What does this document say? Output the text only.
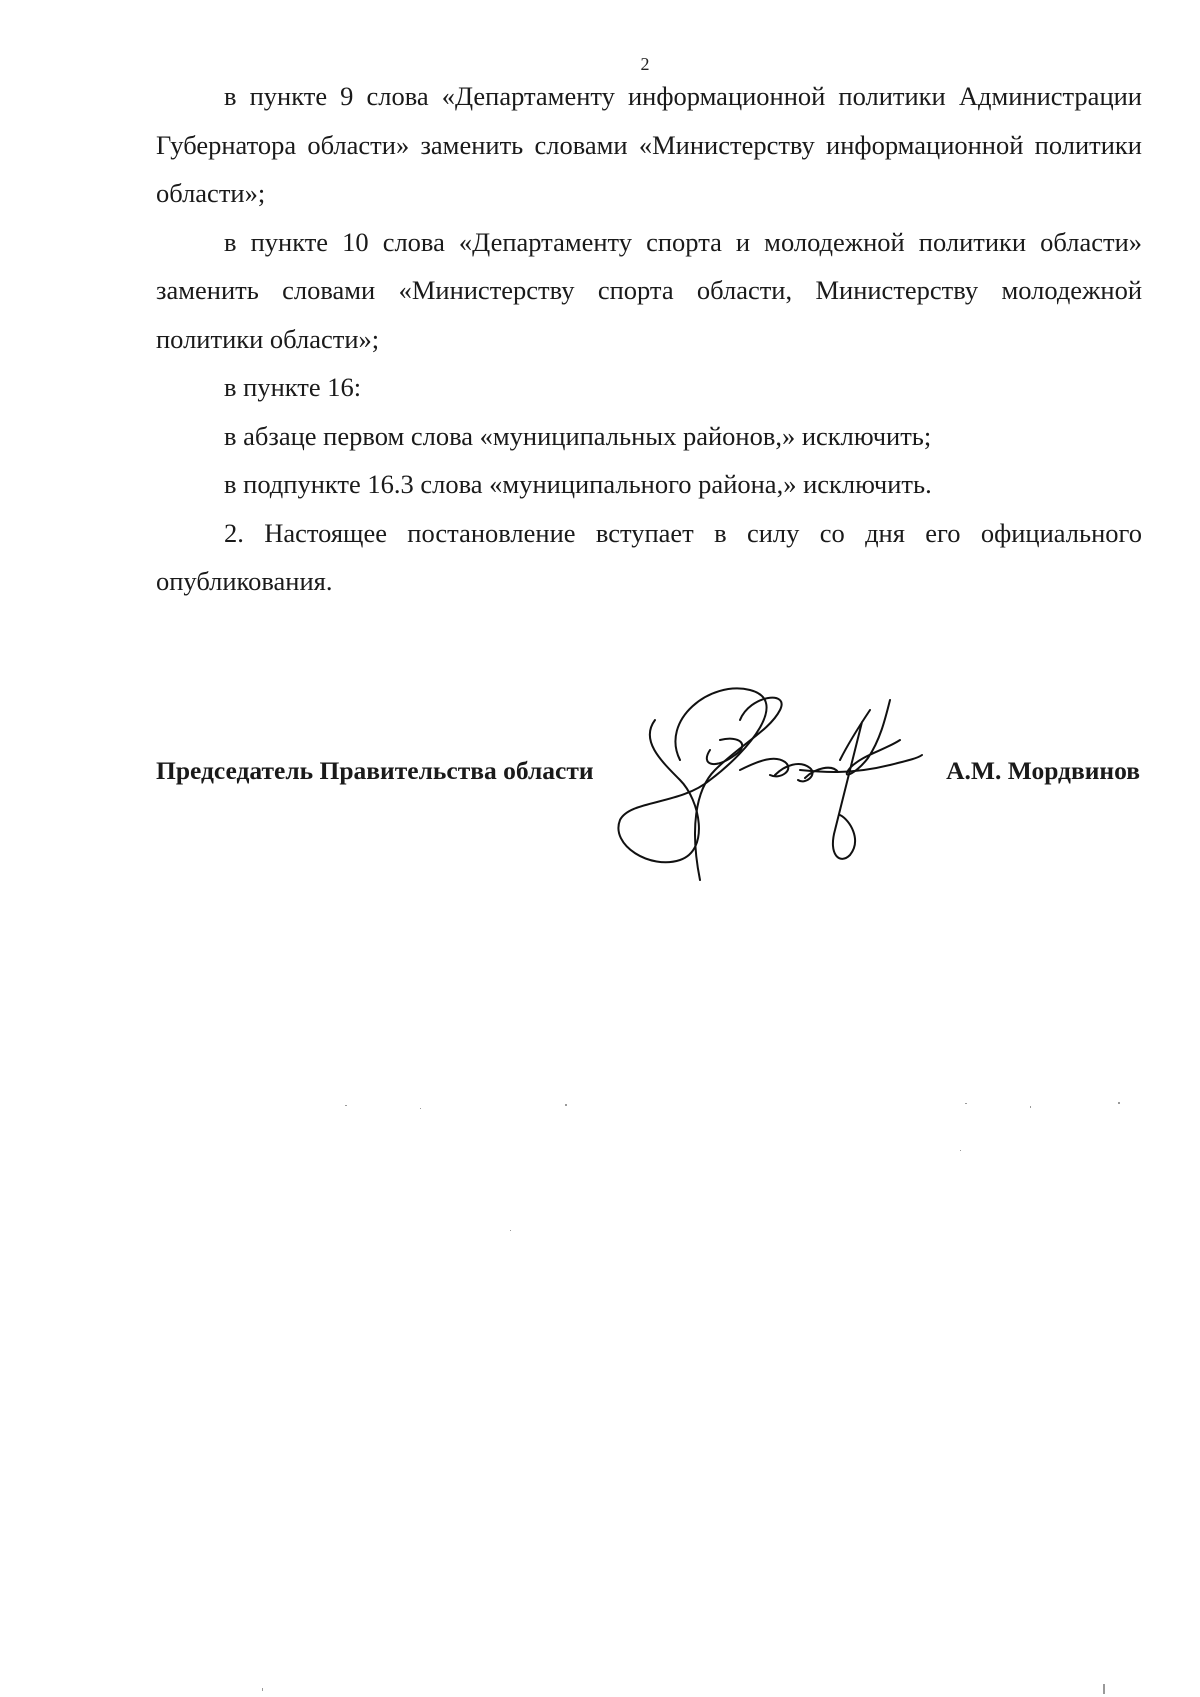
2

в пункте 9 слова «Департаменту информационной политики Администрации Губернатора области» заменить словами «Министерству информационной политики области»;

в пункте 10 слова «Департаменту спорта и молодежной политики области» заменить словами «Министерству спорта области, Министерству молодежной политики области»;

в пункте 16:

в абзаце первом слова «муниципальных районов,» исключить;

в подпункте 16.3 слова «муниципального района,» исключить.

2. Настоящее постановление вступает в силу со дня его официального опубликования.

Председатель Правительства области	А.М. Мордвинов
